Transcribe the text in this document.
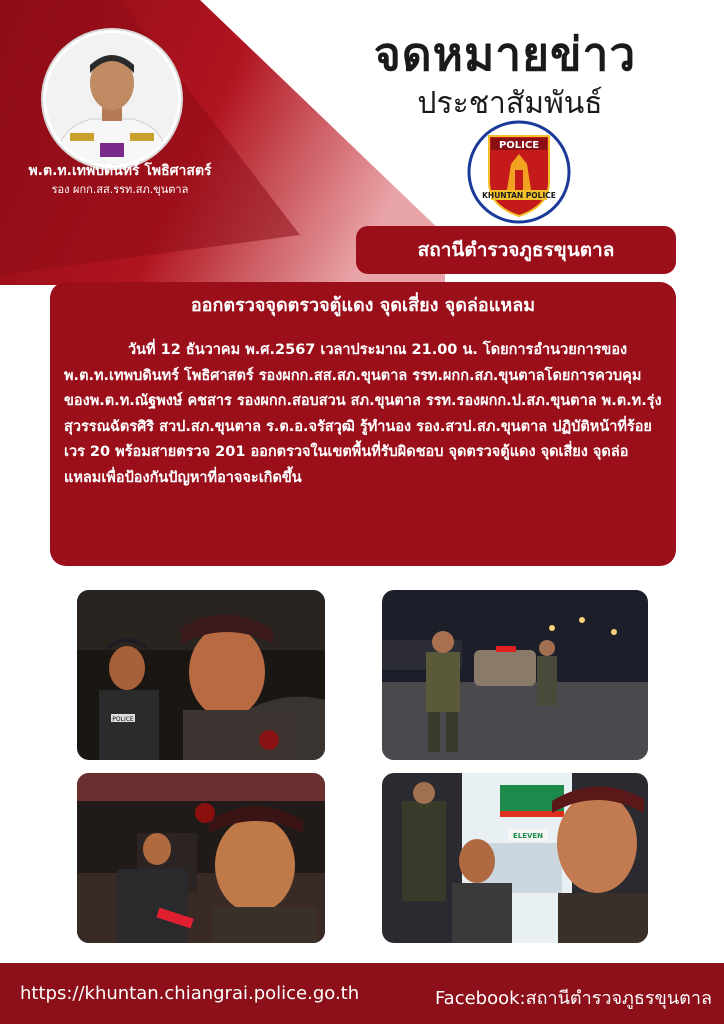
พ.ต.ท.เทพบดินทร์ โพธิศาสตร์
รอง ผกก.สส.รรท.สภ.ขุนตาล
จดหมายข่าว
ประชาสัมพันธ์
POLICE
KHUNTAN POLICE
สถานีตำรวจภูธรขุนตาล
ออกตรวจจุดตรวจตู้แดง จุดเสี่ยง จุดล่อแหลม
วันที่ 12 ธันวาคม พ.ศ.2567 เวลาประมาณ 21.00 น. โดยการอำนวยการของพ.ต.ท.เทพบดินทร์ โพธิศาสตร์ รองผกก.สส.สภ.ขุนตาล รรท.ผกก.สภ.ขุนตาลโดยการควบคุมของพ.ต.ท.ณัฐพงษ์ คชสาร รองผกก.สอบสวน สภ.ขุนตาล รรท.รองผกก.ป.สภ.ขุนตาล พ.ต.ท.รุ่ง สุวรรณฉัตรศิริ สวป.สภ.ขุนตาล ร.ต.อ.จรัสวุฒิ รู้ทำนอง รอง.สวป.สภ.ขุนตาล ปฏิบัติหน้าที่ร้อยเวร 20 พร้อมสายตรวจ 201 ออกตรวจในเขตพื้นที่รับผิดชอบ จุดตรวจตู้แดง จุดเสี่ยง จุดล่อแหลมเพื่อป้องกันปัญหาที่อาจจะเกิดขึ้น
POLICE
ELEVEN
https://khuntan.chiangrai.police.go.th	Facebook:สถานีตำรวจภูธรขุนตาล
